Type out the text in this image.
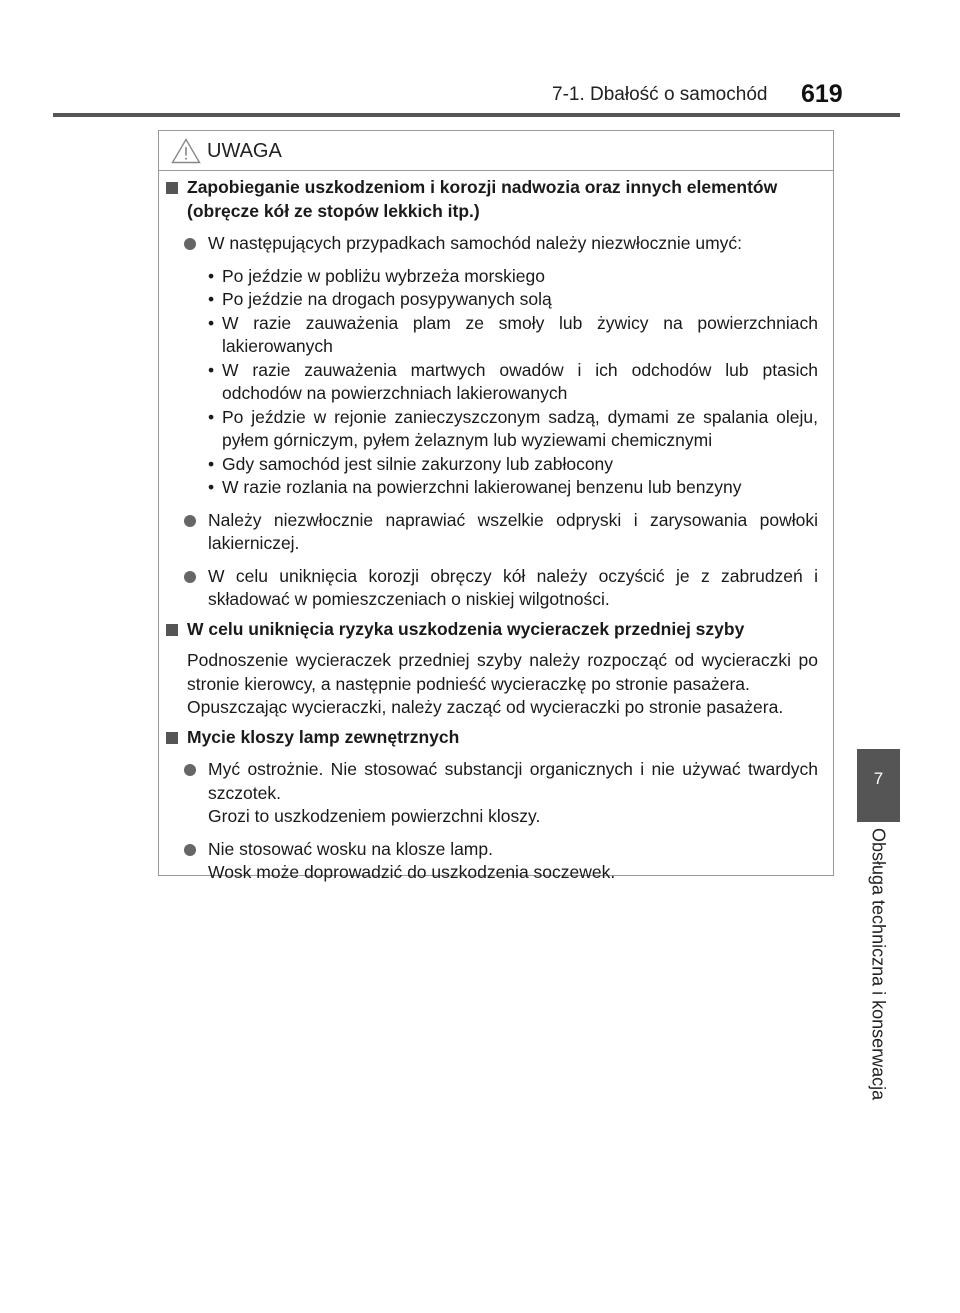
7-1. Dbałość o samochód 619
7
Obsługa techniczna i konserwacja
UWAGA
Zapobieganie uszkodzeniom i korozji nadwozia oraz innych elementów (obręcze kół ze stopów lekkich itp.)
W następujących przypadkach samochód należy niezwłocznie umyć:
• Po jeździe w pobliżu wybrzeża morskiego
• Po jeździe na drogach posypywanych solą
• W razie zauważenia plam ze smoły lub żywicy na powierzchniach lakierowanych
• W razie zauważenia martwych owadów i ich odchodów lub ptasich odchodów na powierzchniach lakierowanych
• Po jeździe w rejonie zanieczyszczonym sadzą, dymami ze spalania oleju, pyłem górniczym, pyłem żelaznym lub wyziewami chemicznymi
• Gdy samochód jest silnie zakurzony lub zabłocony
• W razie rozlania na powierzchni lakierowanej benzenu lub benzyny
Należy niezwłocznie naprawiać wszelkie odpryski i zarysowania powłoki lakierniczej.
W celu uniknięcia korozji obręczy kół należy oczyścić je z zabrudzeń i składować w pomieszczeniach o niskiej wilgotności.
W celu uniknięcia ryzyka uszkodzenia wycieraczek przedniej szyby
Podnoszenie wycieraczek przedniej szyby należy rozpocząć od wycieraczki po stronie kierowcy, a następnie podnieść wycieraczkę po stronie pasażera.
Opuszczając wycieraczki, należy zacząć od wycieraczki po stronie pasażera.
Mycie kloszy lamp zewnętrznych
Myć ostrożnie. Nie stosować substancji organicznych i nie używać twardych szczotek.
Grozi to uszkodzeniem powierzchni kloszy.
Nie stosować wosku na klosze lamp.
Wosk może doprowadzić do uszkodzenia soczewek.
